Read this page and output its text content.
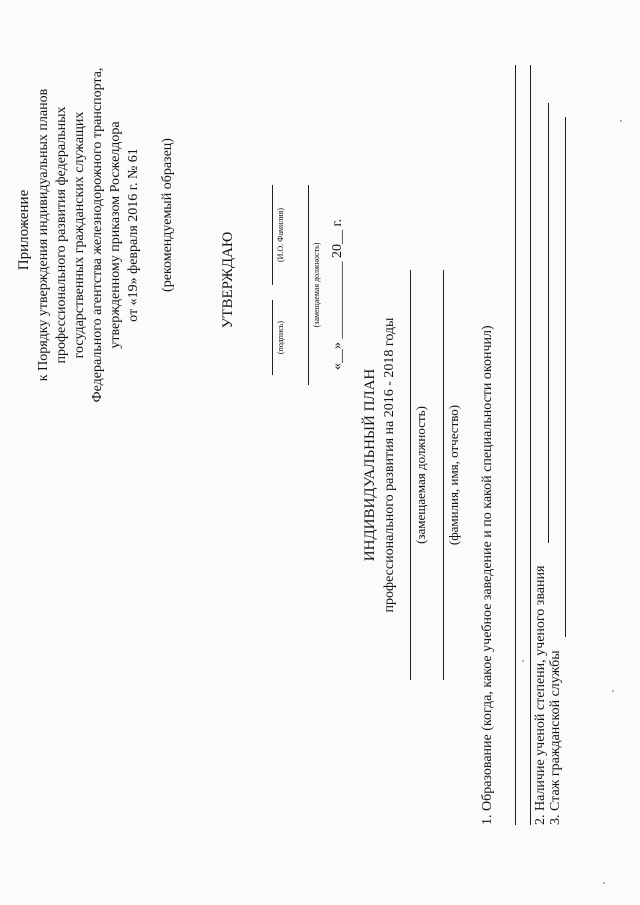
Приложение к Порядку утверждения индивидуальных планов профессионального развития федеральных государственных гражданских служащих Федерального агентства железнодорожного транспорта, утвержденному приказом Росжелдора от «19» февраля 2016 г. № 61 (рекомендуемый образец)	УТВЕРЖДАЮ
(подпись)
(И.О. Фамилия)
(замещаемая должность) «__» ___________ 20__ г.
ИНДИВИДУАЛЬНЫЙ ПЛАН профессионального развития на 2016 - 2018 годы (замещаемая должность) (фамилия, имя, отчество) 1. Образование (когда, какое учебное заведение и по какой специальности окончил)	2. Наличие ученой степени, ученого звания 3. Стаж гражданской службы
